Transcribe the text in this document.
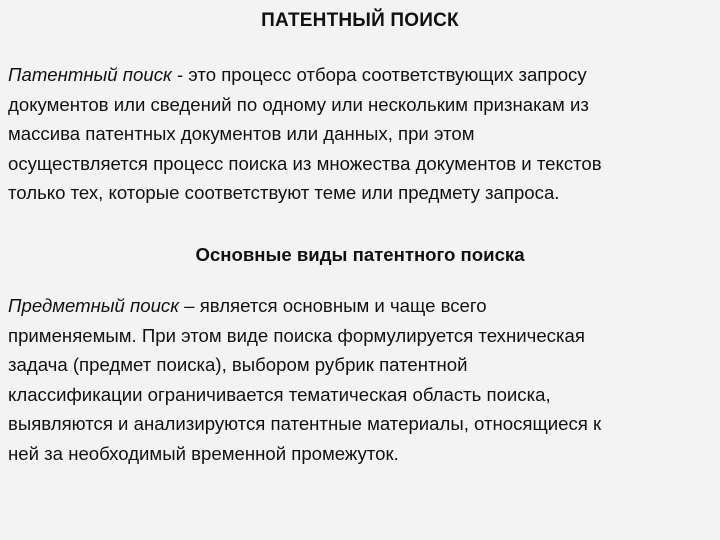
ПАТЕНТНЫЙ ПОИСК
Патентный поиск - это процесс отбора соответствующих запросу
документов или сведений по одному или нескольким признакам из
массива патентных документов или данных, при этом
осуществляется процесс поиска из множества документов и текстов
только тех, которые соответствуют теме или предмету запроса.
Основные виды патентного поиска
Предметный поиск – является основным и чаще всего
применяемым. При этом виде поиска формулируется техническая
задача (предмет поиска), выбором рубрик патентной
классификации ограничивается тематическая область поиска,
выявляются и анализируются патентные материалы, относящиеся к
ней за необходимый временной промежуток.
